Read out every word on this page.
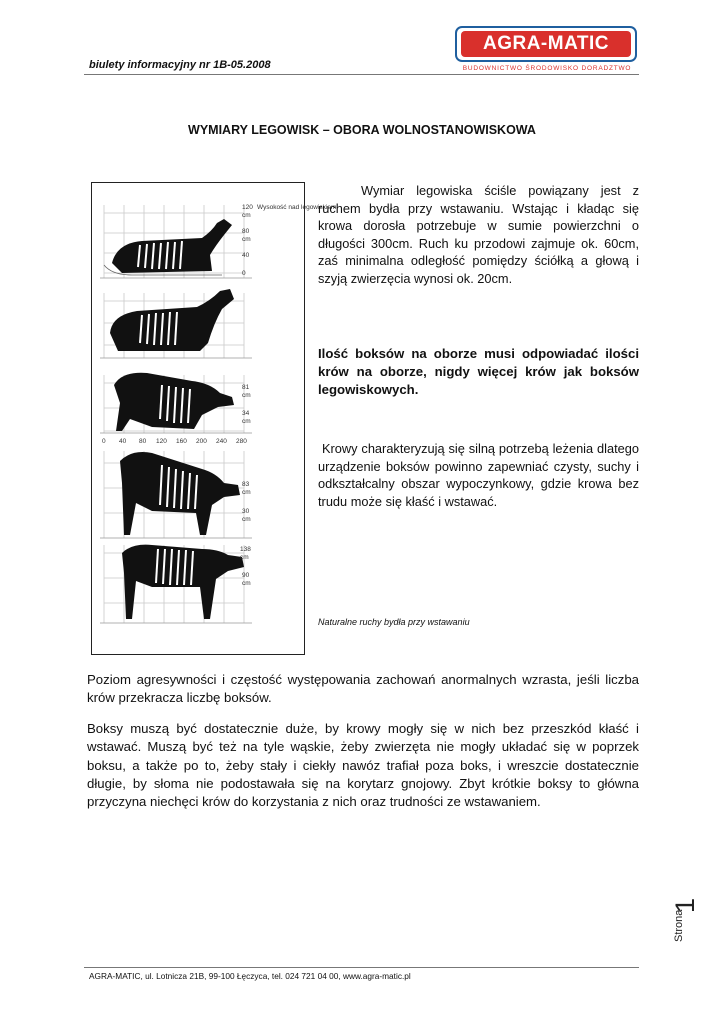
biulety informacyjny nr 1B-05.2008
AGRA-MATIC
BUDOWNICTWO ŚRODOWISKO DORADZTWO
WYMIARY LEGOWISK – OBORA WOLNOSTANOWISKOWA
Wysokość nad legowiskiem
120
cm
80
cm
40
0
81
cm
34
cm
0 40 80 120 160 200 240 280
83
cm
30
cm
138
cm
90
cm
Wymiar legowiska ściśle powiązany jest z ruchem bydła przy wstawaniu. Wstając i kładąc się krowa dorosła potrzebuje w sumie powierzchni o długości 300cm. Ruch ku przodowi zajmuje ok. 60cm, zaś minimalna odległość pomiędzy ściółką a głową i szyją zwierzęcia wynosi ok. 20cm.
Ilość boksów na oborze musi odpowiadać ilości krów na oborze, nigdy więcej krów jak boksów legowiskowych.
Krowy charakteryzują się silną potrzebą leżenia dlatego urządzenie boksów powinno zapewniać czysty, suchy i odkształcalny obszar wypoczynkowy, gdzie krowa bez trudu może się kłaść i wstawać.
Naturalne ruchy bydła przy wstawaniu
Poziom agresywności i częstość występowania zachowań anormalnych wzrasta, jeśli liczba krów przekracza liczbę boksów.
Boksy muszą być dostatecznie duże, by krowy mogły się w nich bez przeszkód kłaść i wstawać. Muszą być też na tyle wąskie, żeby zwierzęta nie mogły układać się w poprzek boksu, a także po to, żeby stały i ciekły nawóz trafiał poza boks, i wreszcie dostatecznie długie, by słoma nie podostawała się na korytarz gnojowy. Zbyt krótkie boksy to główna przyczyna niechęci krów do korzystania z nich oraz trudności ze wstawaniem.
Strona
1
AGRA-MATIC, ul. Lotnicza 21B, 99-100 Łęczyca, tel. 024 721 04 00, www.agra-matic.pl
